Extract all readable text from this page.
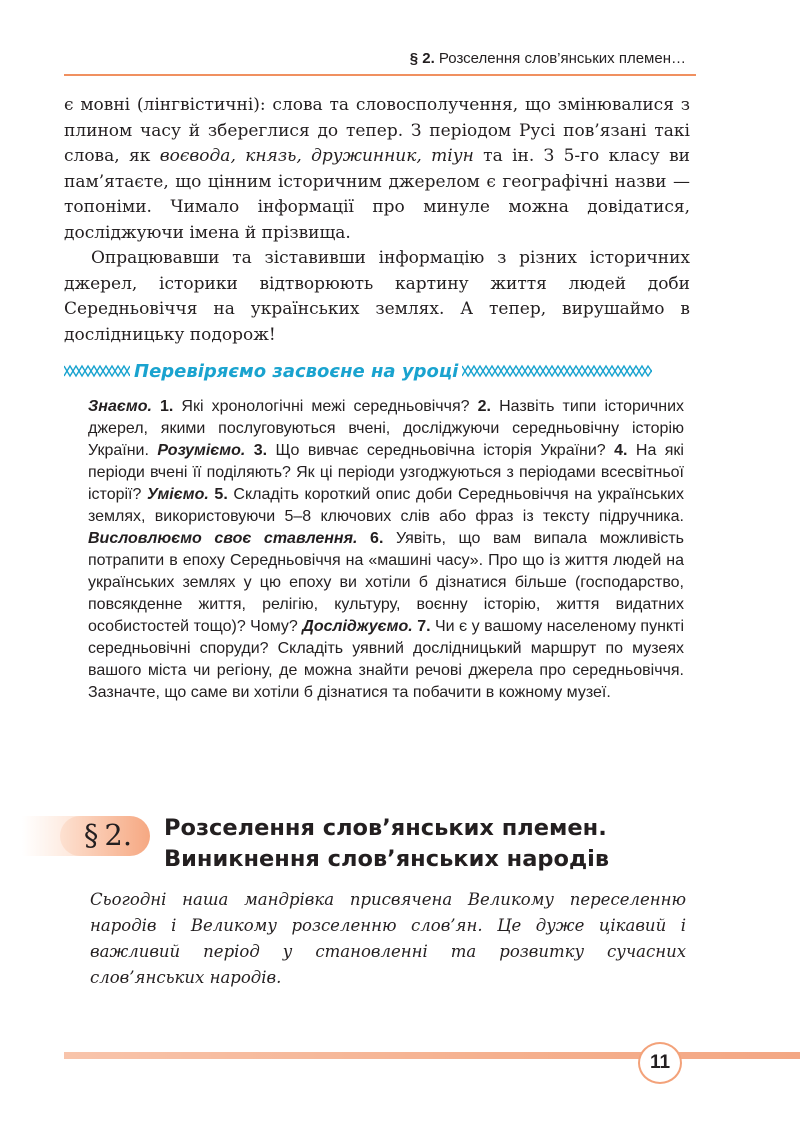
§ 2. Розселення слов’янських племен…

є мовні (лінгвістичні): слова та словосполучення, що змінювалися з плином часу й збереглися до тепер. З періодом Русі пов’язані такі слова, як воєвода, князь, дружинник, тіун та ін. З 5-го класу ви пам’ятаєте, що цінним історичним джерелом є географічні назви — топоніми. Чимало інформації про минуле можна довідатися, досліджуючи імена й прізвища.

Опрацювавши та зіставивши інформацію з різних історичних джерел, історики відтворюють картину життя людей доби Середньовіччя на українських землях. А тепер, вирушаймо в дослідницьку подорож!

Перевіряємо засвоєне на уроці
Знаємо. 1. Які хронологічні межі середньовіччя? 2. Назвіть типи історичних джерел, якими послуговуються вчені, досліджуючи середньовічну історію України. Розуміємо. 3. Що вивчає середньовічна історія України? 4. На які періоди вчені її поділяють? Як ці періоди узгоджуються з періодами всесвітньої історії? Уміємо. 5. Складіть короткий опис доби Середньовіччя на українських землях, використовуючи 5–8 ключових слів або фраз із тексту підручника. Висловлюємо своє ставлення. 6. Уявіть, що вам випала можливість потрапити в епоху Середньовіччя на «машині часу». Про що із життя людей на українських землях у цю епоху ви хотіли б дізнатися більше (господарство, повсякденне життя, релігію, культуру, воєнну історію, життя видатних особистостей тощо)? Чому? Досліджуємо. 7. Чи є у вашому населеному пункті середньовічні споруди? Складіть уявний дослідницький маршрут по музеях вашого міста чи регіону, де можна знайти речові джерела про середньовіччя. Зазначте, що саме ви хотіли б дізнатися та побачити в кожному музеї.
§ 2. Розселення слов’янських племен.
Виникнення слов’янських народів
Сьогодні наша мандрівка присвячена Великому переселенню народів і Великому розселенню слов’ян. Це дуже цікавий і важливий період у становленні та розвитку сучасних слов’янських народів.
11
